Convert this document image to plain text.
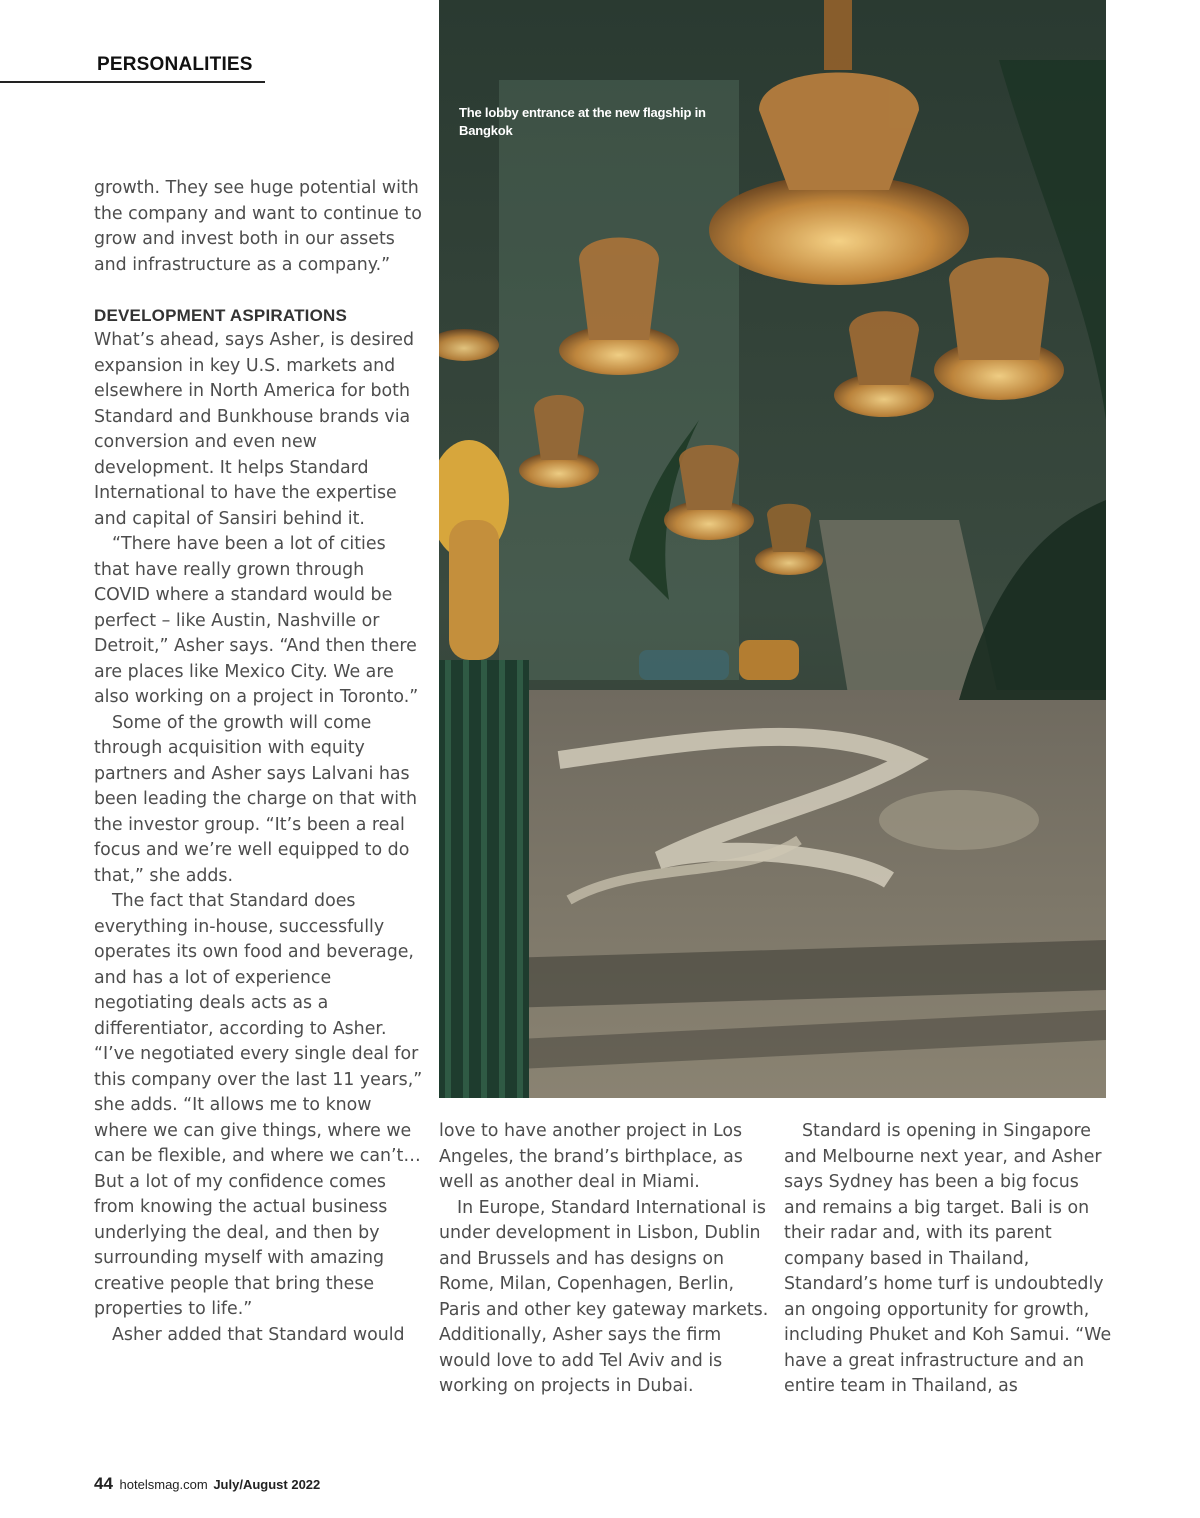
PERSONALITIES

growth. They see huge potential with the company and want to continue to grow and invest both in our assets and infrastructure as a company.”

DEVELOPMENT ASPIRATIONS

What’s ahead, says Asher, is desired expansion in key U.S. markets and elsewhere in North America for both Standard and Bunkhouse brands via conversion and even new development. It helps Standard International to have the expertise and capital of Sansiri behind it.

“There have been a lot of cities that have really grown through COVID where a standard would be perfect – like Austin, Nashville or Detroit,” Asher says. “And then there are places like Mexico City. We are also working on a project in Toronto.”

Some of the growth will come through acquisition with equity partners and Asher says Lalvani has been leading the charge on that with the investor group. “It’s been a real focus and we’re well equipped to do that,” she adds.

The fact that Standard does everything in-house, successfully operates its own food and beverage, and has a lot of experience negotiating deals acts as a differentiator, according to Asher. “I’ve negotiated every single deal for this company over the last 11 years,” she adds. “It allows me to know where we can give things, where we can be flexible, and where we can’t… But a lot of my confidence comes from knowing the actual business underlying the deal, and then by surrounding myself with amazing creative people that bring these properties to life.”

Asher added that Standard would

The lobby entrance at the new flagship in Bangkok

love to have another project in Los Angeles, the brand’s birthplace, as well as another deal in Miami.

In Europe, Standard International is under development in Lisbon, Dublin and Brussels and has designs on Rome, Milan, Copenhagen, Berlin, Paris and other key gateway markets. Additionally, Asher says the firm would love to add Tel Aviv and is working on projects in Dubai.

Standard is opening in Singapore and Melbourne next year, and Asher says Sydney has been a big focus and remains a big target. Bali is on their radar and, with its parent company based in Thailand, Standard’s home turf is undoubtedly an ongoing opportunity for growth, including Phuket and Koh Samui. “We have a great infrastructure and an entire team in Thailand, as

44 hotelsmag.com July/August 2022
